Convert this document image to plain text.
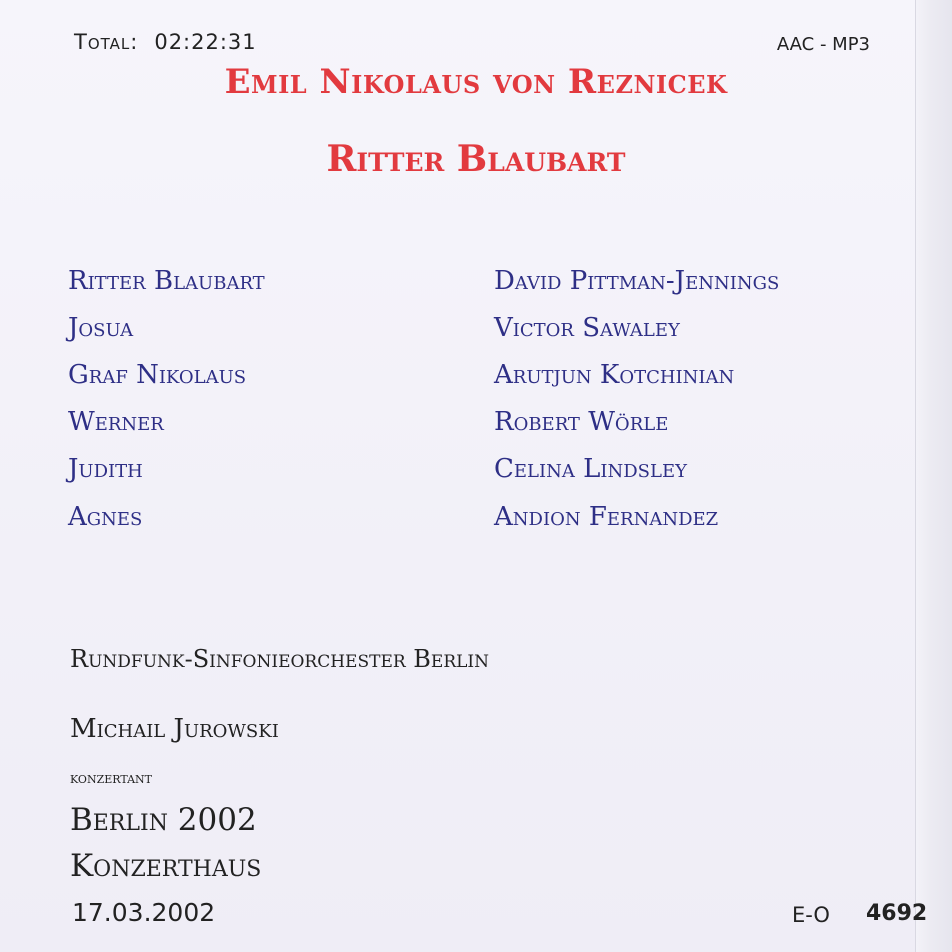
Total: 02:22:31	AAC - MP3
Emil Nikolaus von Reznicek
Ritter Blaubart
Ritter Blaubart	David Pittman-Jennings
Josua	Victor Sawaley
Graf Nikolaus	Arutjun Kotchinian
Werner	Robert Wörle
Judith	Celina Lindsley
Agnes	Andion Fernandez
Rundfunk-Sinfonieorchester Berlin
Michail Jurowski
konzertant
Berlin 2002
Konzerthaus
17.03.2002	E-O 4692
